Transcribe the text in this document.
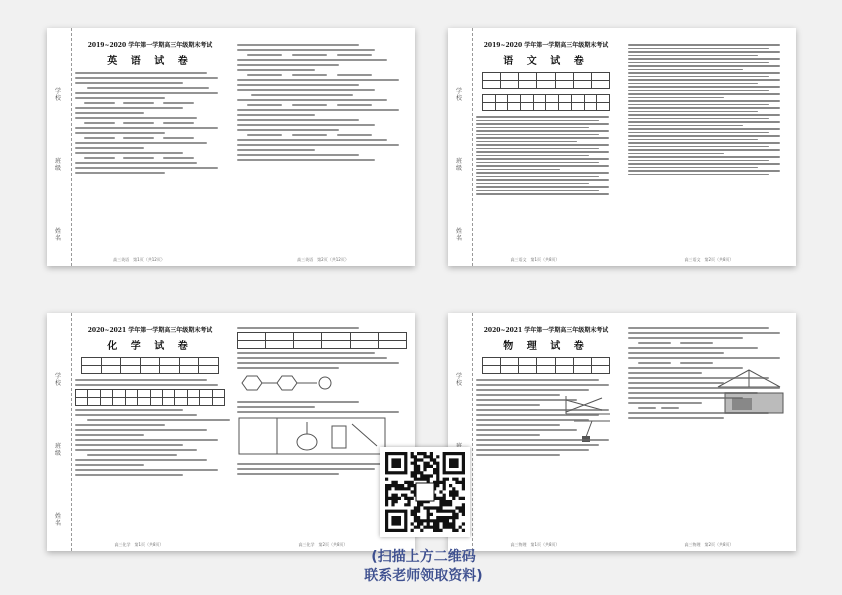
学校
班级
姓名
2019~2020 学年第一学期高三年级期末考试
英 语 试 卷
高三英语　第1页（共12页）	高三英语　第2页（共12页）
学校
班级
姓名
2019~2020 学年第一学期高三年级期末考试
语 文 试 卷
高三语文　第1页（共8页）	高三语文　第2页（共8页）
学校
班级
姓名
2020~2021 学年第一学期高三年级期末考试
化 学 试 卷
高三化学　第1页（共8页）	高三化学　第2页（共8页）
学校
2020~2021 学年第一学期高三年级期末考试
物 理 试 卷
高三物理　第1页（共8页）	高三物理　第2页（共8页）
(扫描上方二维码
联系老师领取资料)
